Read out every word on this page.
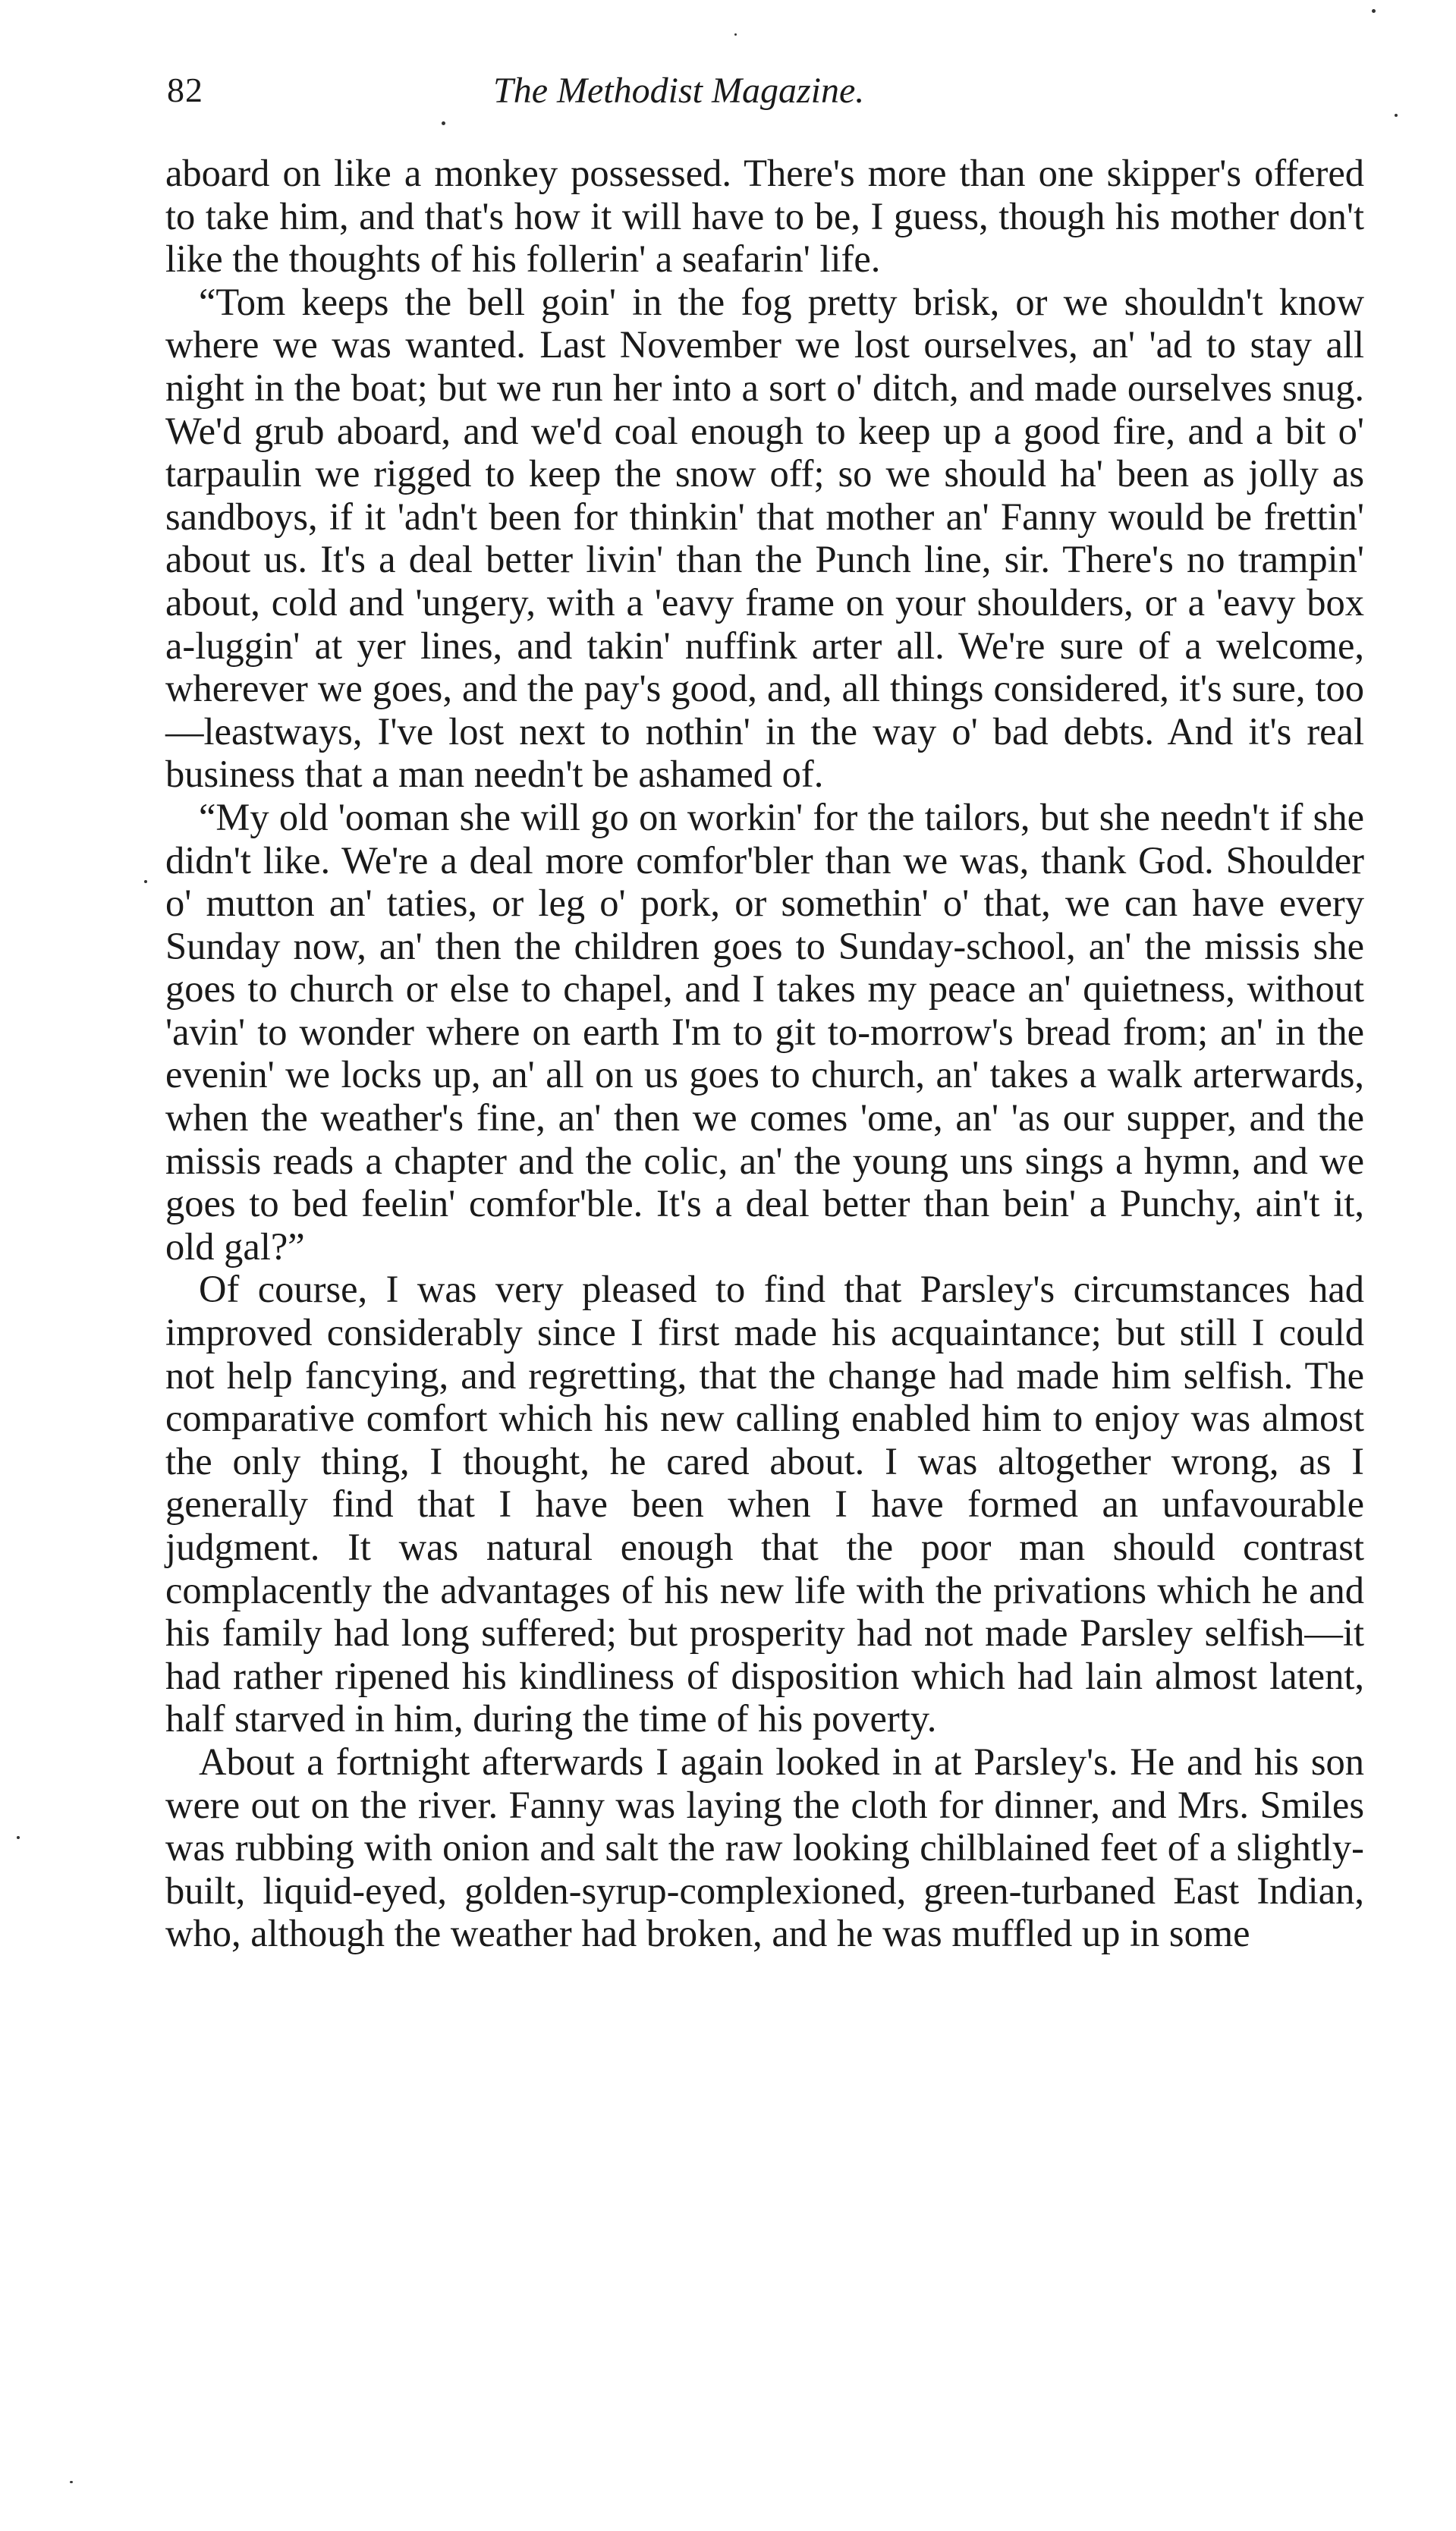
82	The Methodist Magazine.

aboard on like a monkey possessed. There's more than one skipper's offered to take him, and that's how it will have to be, I guess, though his mother don't like the thoughts of his follerin' a seafarin' life.

“Tom keeps the bell goin' in the fog pretty brisk, or we shouldn't know where we was wanted. Last November we lost ourselves, an' 'ad to stay all night in the boat; but we run her into a sort o' ditch, and made ourselves snug. We'd grub aboard, and we'd coal enough to keep up a good fire, and a bit o' tarpaulin we rigged to keep the snow off; so we should ha' been as jolly as sandboys, if it 'adn't been for thinkin' that mother an' Fanny would be frettin' about us. It's a deal better livin' than the Punch line, sir. There's no trampin' about, cold and 'ungery, with a 'eavy frame on your shoulders, or a 'eavy box a-luggin' at yer lines, and takin' nuffink arter all. We're sure of a welcome, wherever we goes, and the pay's good, and, all things considered, it's sure, too—leastways, I've lost next to nothin' in the way o' bad debts. And it's real business that a man needn't be ashamed of.

“My old 'ooman she will go on workin' for the tailors, but she needn't if she didn't like. We're a deal more comfor'bler than we was, thank God. Shoulder o' mutton an' taties, or leg o' pork, or somethin' o' that, we can have every Sunday now, an' then the children goes to Sunday-school, an' the missis she goes to church or else to chapel, and I takes my peace an' quietness, without 'avin' to wonder where on earth I'm to git to-morrow's bread from; an' in the evenin' we locks up, an' all on us goes to church, an' takes a walk arterwards, when the weather's fine, an' then we comes 'ome, an' 'as our supper, and the missis reads a chapter and the colic, an' the young uns sings a hymn, and we goes to bed feelin' comfor'ble. It's a deal better than bein' a Punchy, ain't it, old gal?”

Of course, I was very pleased to find that Parsley's circumstances had improved considerably since I first made his acquaintance; but still I could not help fancying, and regretting, that the change had made him selfish. The comparative comfort which his new calling enabled him to enjoy was almost the only thing, I thought, he cared about. I was altogether wrong, as I generally find that I have been when I have formed an unfavourable judgment. It was natural enough that the poor man should contrast complacently the advantages of his new life with the privations which he and his family had long suffered; but prosperity had not made Parsley selfish—it had rather ripened his kindliness of disposition which had lain almost latent, half starved in him, during the time of his poverty.

About a fortnight afterwards I again looked in at Parsley's. He and his son were out on the river. Fanny was laying the cloth for dinner, and Mrs. Smiles was rubbing with onion and salt the raw looking chilblained feet of a slightly-built, liquid-eyed, golden-syrup-complexioned, green-turbaned East Indian, who, although the weather had broken, and he was muffled up in some
